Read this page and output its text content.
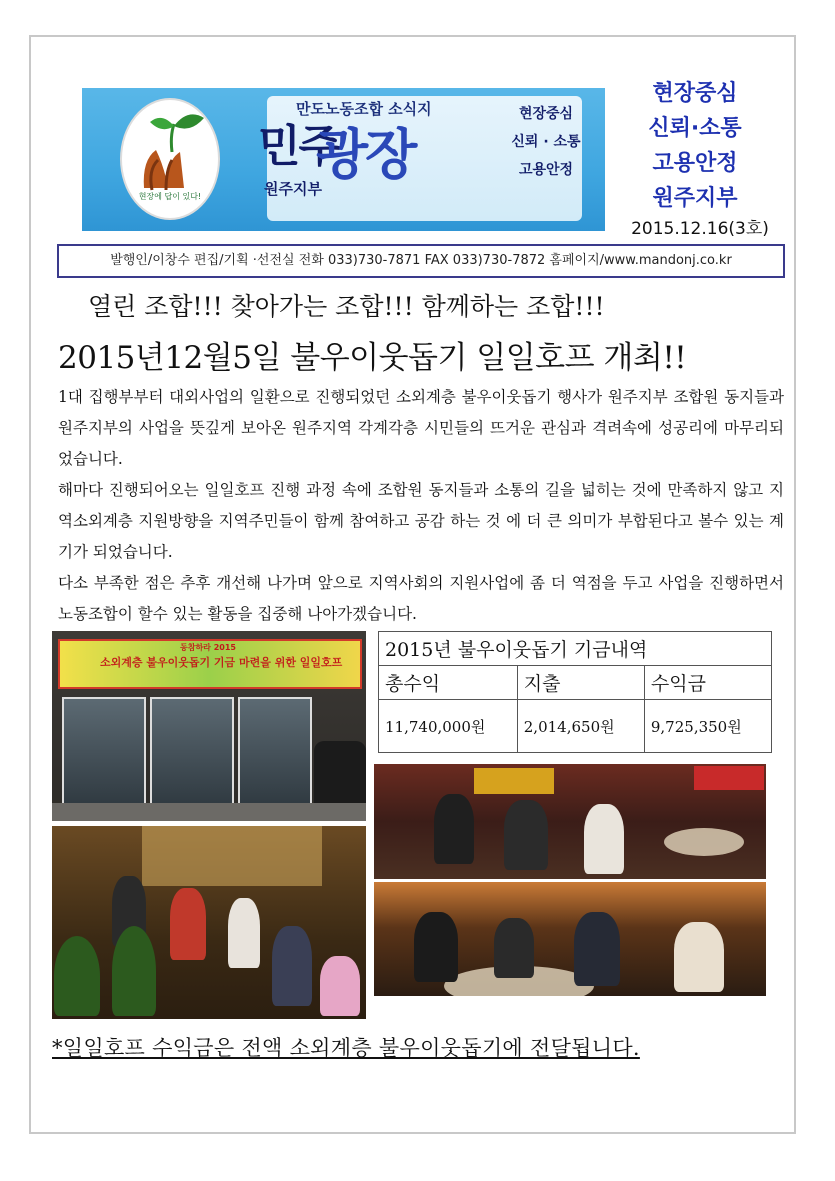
현장에 답이 있다!
만도노동조합 소식지
민주
광장
원주지부
현장중심
신뢰 · 소통
고용안정
현장중심
신뢰·소통
고용안정
원주지부
2015.12.16(3호)
발행인/이창수 편집/기획 ·선전실 전화 033)730-7871 FAX 033)730-7872 홈페이지/www.mandonj.co.kr
열린 조합!!! 찾아가는 조합!!! 함께하는 조합!!!
2015년12월5일 불우이웃돕기 일일호프 개최!!

1대 집행부부터 대외사업의 일환으로 진행되었던 소외계층 불우이웃돕기 행사가 원주지부 조합원 동지들과 원주지부의 사업을 뜻깊게 보아온 원주지역 각계각층 시민들의 뜨거운 관심과 격려속에 성공리에 마무리되었습니다.

해마다 진행되어오는 일일호프 진행 과정 속에 조합원 동지들과 소통의 길을 넓히는 것에 만족하지 않고 지역소외계층 지원방향을 지역주민들이 함께 참여하고 공감 하는 것 에 더 큰 의미가 부합된다고 볼수 있는 계기가 되었습니다.

다소 부족한 점은 추후 개선해 나가며 앞으로 지역사회의 지원사업에 좀 더 역점을 두고 사업을 진행하면서 노동조합이 할수 있는 활동을 집중해 나아가겠습니다.

동참하라 2015
소외계층 불우이웃돕기 기금 마련을 위한 일일호프
2015년 불우이웃돕기 기금내역		
총수익	지출	수익금
11,740,000원	2,014,650원	9,725,350원
*일일호프 수익금은 전액 소외계층 불우이웃돕기에 전달됩니다.
